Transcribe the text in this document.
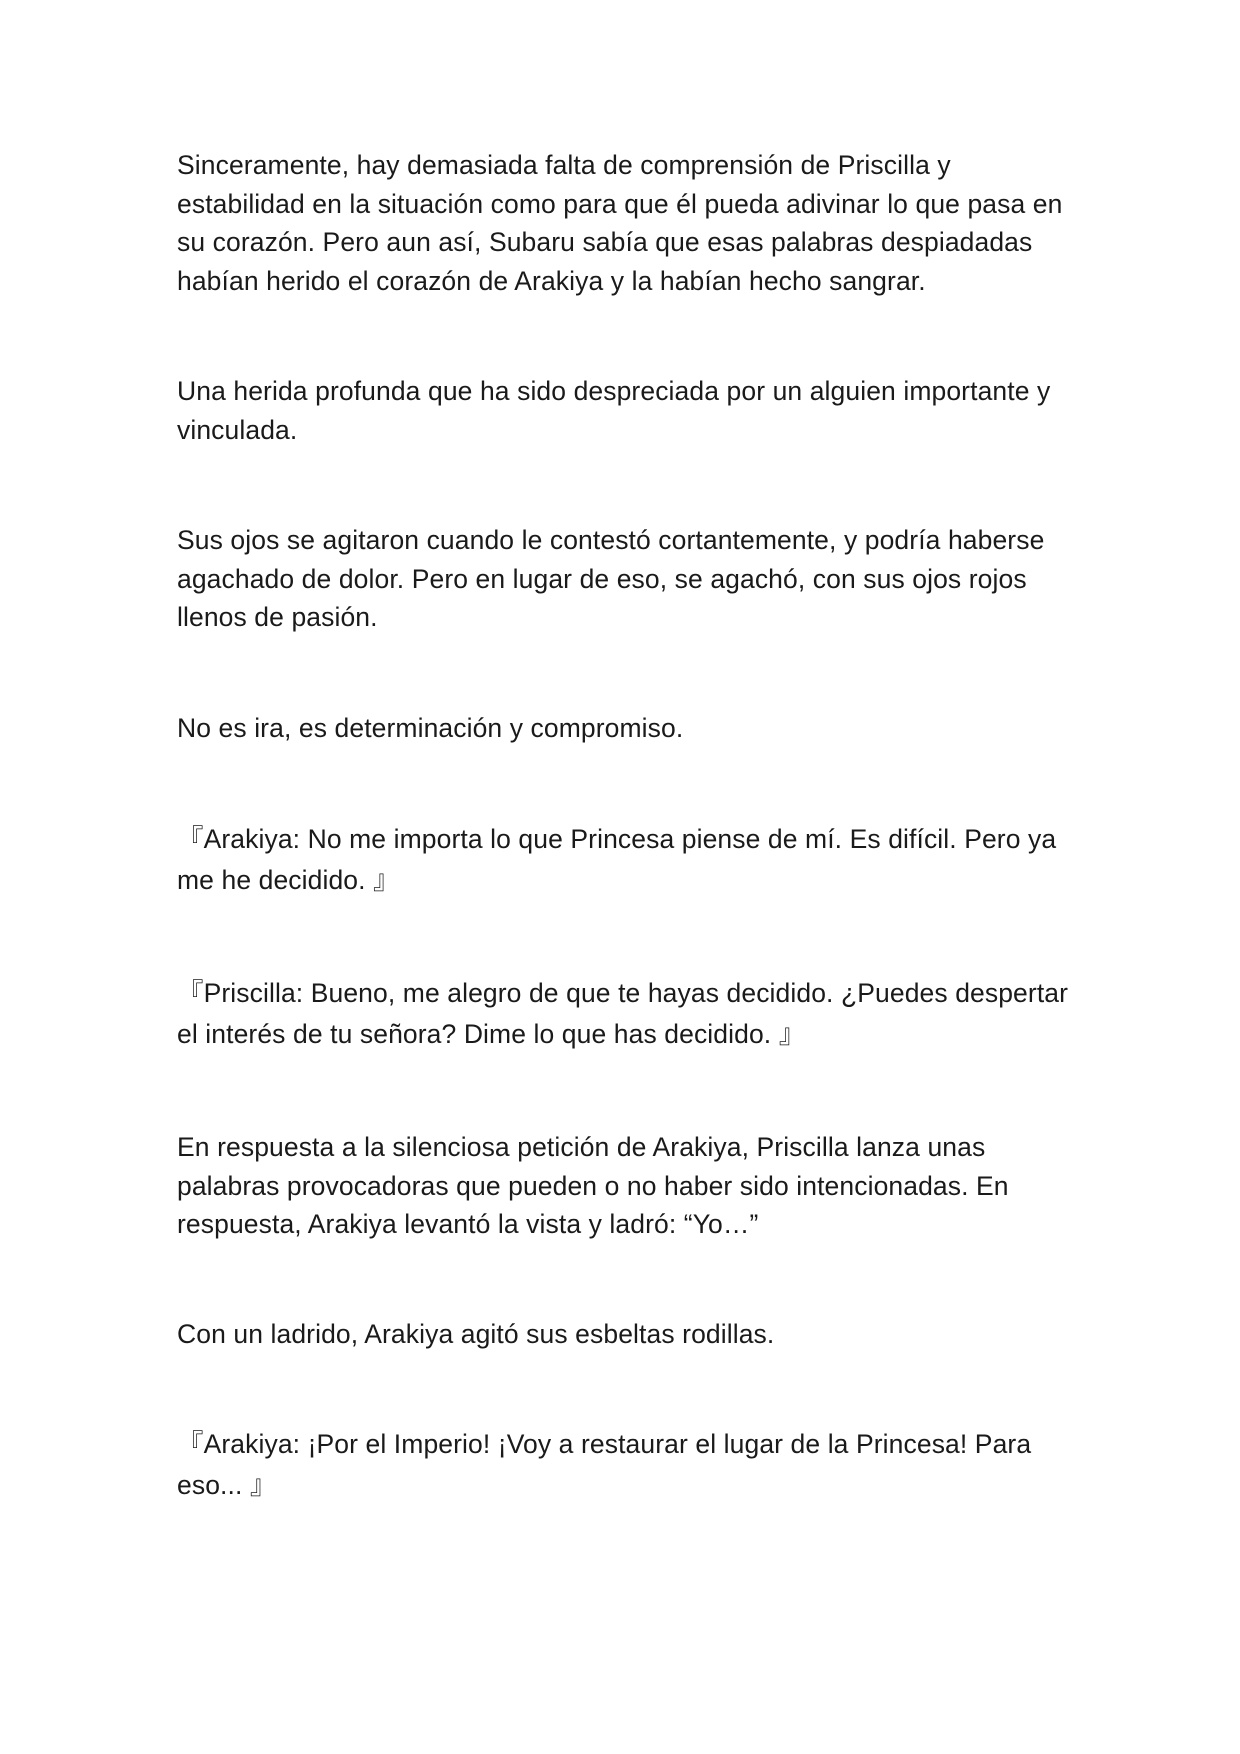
Sinceramente, hay demasiada falta de comprensión de Priscilla y estabilidad en la situación como para que él pueda adivinar lo que pasa en su corazón. Pero aun así, Subaru sabía que esas palabras despiadadas habían herido el corazón de Arakiya y la habían hecho sangrar.

Una herida profunda que ha sido despreciada por un alguien importante y vinculada.

Sus ojos se agitaron cuando le contestó cortantemente, y podría haberse agachado de dolor. Pero en lugar de eso, se agachó, con sus ojos rojos llenos de pasión.

No es ira, es determinación y compromiso.

『Arakiya: No me importa lo que Princesa piense de mí. Es difícil. Pero ya me he decidido. 』

『Priscilla: Bueno, me alegro de que te hayas decidido. ¿Puedes despertar el interés de tu señora? Dime lo que has decidido. 』

En respuesta a la silenciosa petición de Arakiya, Priscilla lanza unas palabras provocadoras que pueden o no haber sido intencionadas. En respuesta, Arakiya levantó la vista y ladró: “Yo…”

Con un ladrido, Arakiya agitó sus esbeltas rodillas.

『Arakiya: ¡Por el Imperio! ¡Voy a restaurar el lugar de la Princesa! Para eso... 』
